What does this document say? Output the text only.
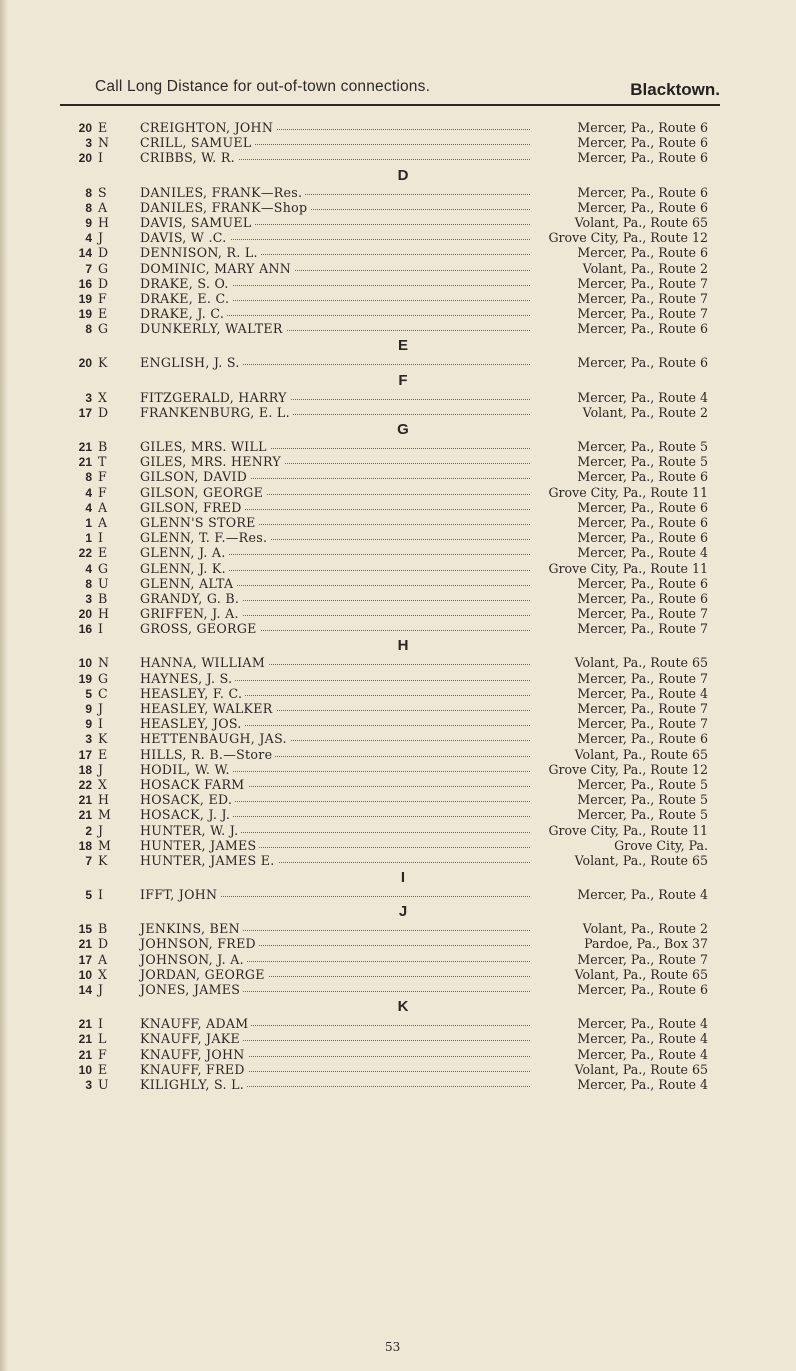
Call Long Distance for out-of-town connections.	Blacktown.
20 E	CREIGHTON, JOHN	Mercer, Pa., Route 6
3 N	CRILL, SAMUEL	Mercer, Pa., Route 6
20 I	CRIBBS, W. R.	Mercer, Pa., Route 6
D
8 S	DANILES, FRANK—Res.	Mercer, Pa., Route 6
8 A	DANILES, FRANK—Shop	Mercer, Pa., Route 6
9 H	DAVIS, SAMUEL	Volant, Pa., Route 65
4 J	DAVIS, W .C.	Grove City, Pa., Route 12
14 D	DENNISON, R. L.	Mercer, Pa., Route 6
7 G	DOMINIC, MARY ANN	Volant, Pa., Route 2
16 D	DRAKE, S. O.	Mercer, Pa., Route 7
19 F	DRAKE, E. C.	Mercer, Pa., Route 7
19 E	DRAKE, J. C.	Mercer, Pa., Route 7
8 G	DUNKERLY, WALTER	Mercer, Pa., Route 6
E
20 K	ENGLISH, J. S.	Mercer, Pa., Route 6
F
3 X	FITZGERALD, HARRY	Mercer, Pa., Route 4
17 D	FRANKENBURG, E. L.	Volant, Pa., Route 2
G
21 B	GILES, MRS. WILL	Mercer, Pa., Route 5
21 T	GILES, MRS. HENRY	Mercer, Pa., Route 5
8 F	GILSON, DAVID	Mercer, Pa., Route 6
4 F	GILSON, GEORGE	Grove City, Pa., Route 11
4 A	GILSON, FRED	Mercer, Pa., Route 6
1 A	GLENN'S STORE	Mercer, Pa., Route 6
1 I	GLENN, T. F.—Res.	Mercer, Pa., Route 6
22 E	GLENN, J. A.	Mercer, Pa., Route 4
4 G	GLENN, J. K.	Grove City, Pa., Route 11
8 U	GLENN, ALTA	Mercer, Pa., Route 6
3 B	GRANDY, G. B.	Mercer, Pa., Route 6
20 H	GRIFFEN, J. A.	Mercer, Pa., Route 7
16 I	GROSS, GEORGE	Mercer, Pa., Route 7
H
10 N	HANNA, WILLIAM	Volant, Pa., Route 65
19 G	HAYNES, J. S.	Mercer, Pa., Route 7
5 C	HEASLEY, F. C.	Mercer, Pa., Route 4
9 J	HEASLEY, WALKER	Mercer, Pa., Route 7
9 I	HEASLEY, JOS.	Mercer, Pa., Route 7
3 K	HETTENBAUGH, JAS.	Mercer, Pa., Route 6
17 E	HILLS, R. B.—Store	Volant, Pa., Route 65
18 J	HODIL, W. W.	Grove City, Pa., Route 12
22 X	HOSACK FARM	Mercer, Pa., Route 5
21 H	HOSACK, ED.	Mercer, Pa., Route 5
21 M	HOSACK, J. J.	Mercer, Pa., Route 5
2 J	HUNTER, W. J.	Grove City, Pa., Route 11
18 M	HUNTER, JAMES	Grove City, Pa.
7 K	HUNTER, JAMES E.	Volant, Pa., Route 65
I
5 I	IFFT, JOHN	Mercer, Pa., Route 4
J
15 B	JENKINS, BEN	Volant, Pa., Route 2
21 D	JOHNSON, FRED	Pardoe, Pa., Box 37
17 A	JOHNSON, J. A.	Mercer, Pa., Route 7
10 X	JORDAN, GEORGE	Volant, Pa., Route 65
14 J	JONES, JAMES	Mercer, Pa., Route 6
K
21 I	KNAUFF, ADAM	Mercer, Pa., Route 4
21 L	KNAUFF, JAKE	Mercer, Pa., Route 4
21 F	KNAUFF, JOHN	Mercer, Pa., Route 4
10 E	KNAUFF, FRED	Volant, Pa., Route 65
3 U	KILIGHLY, S. L.	Mercer, Pa., Route 4
53
